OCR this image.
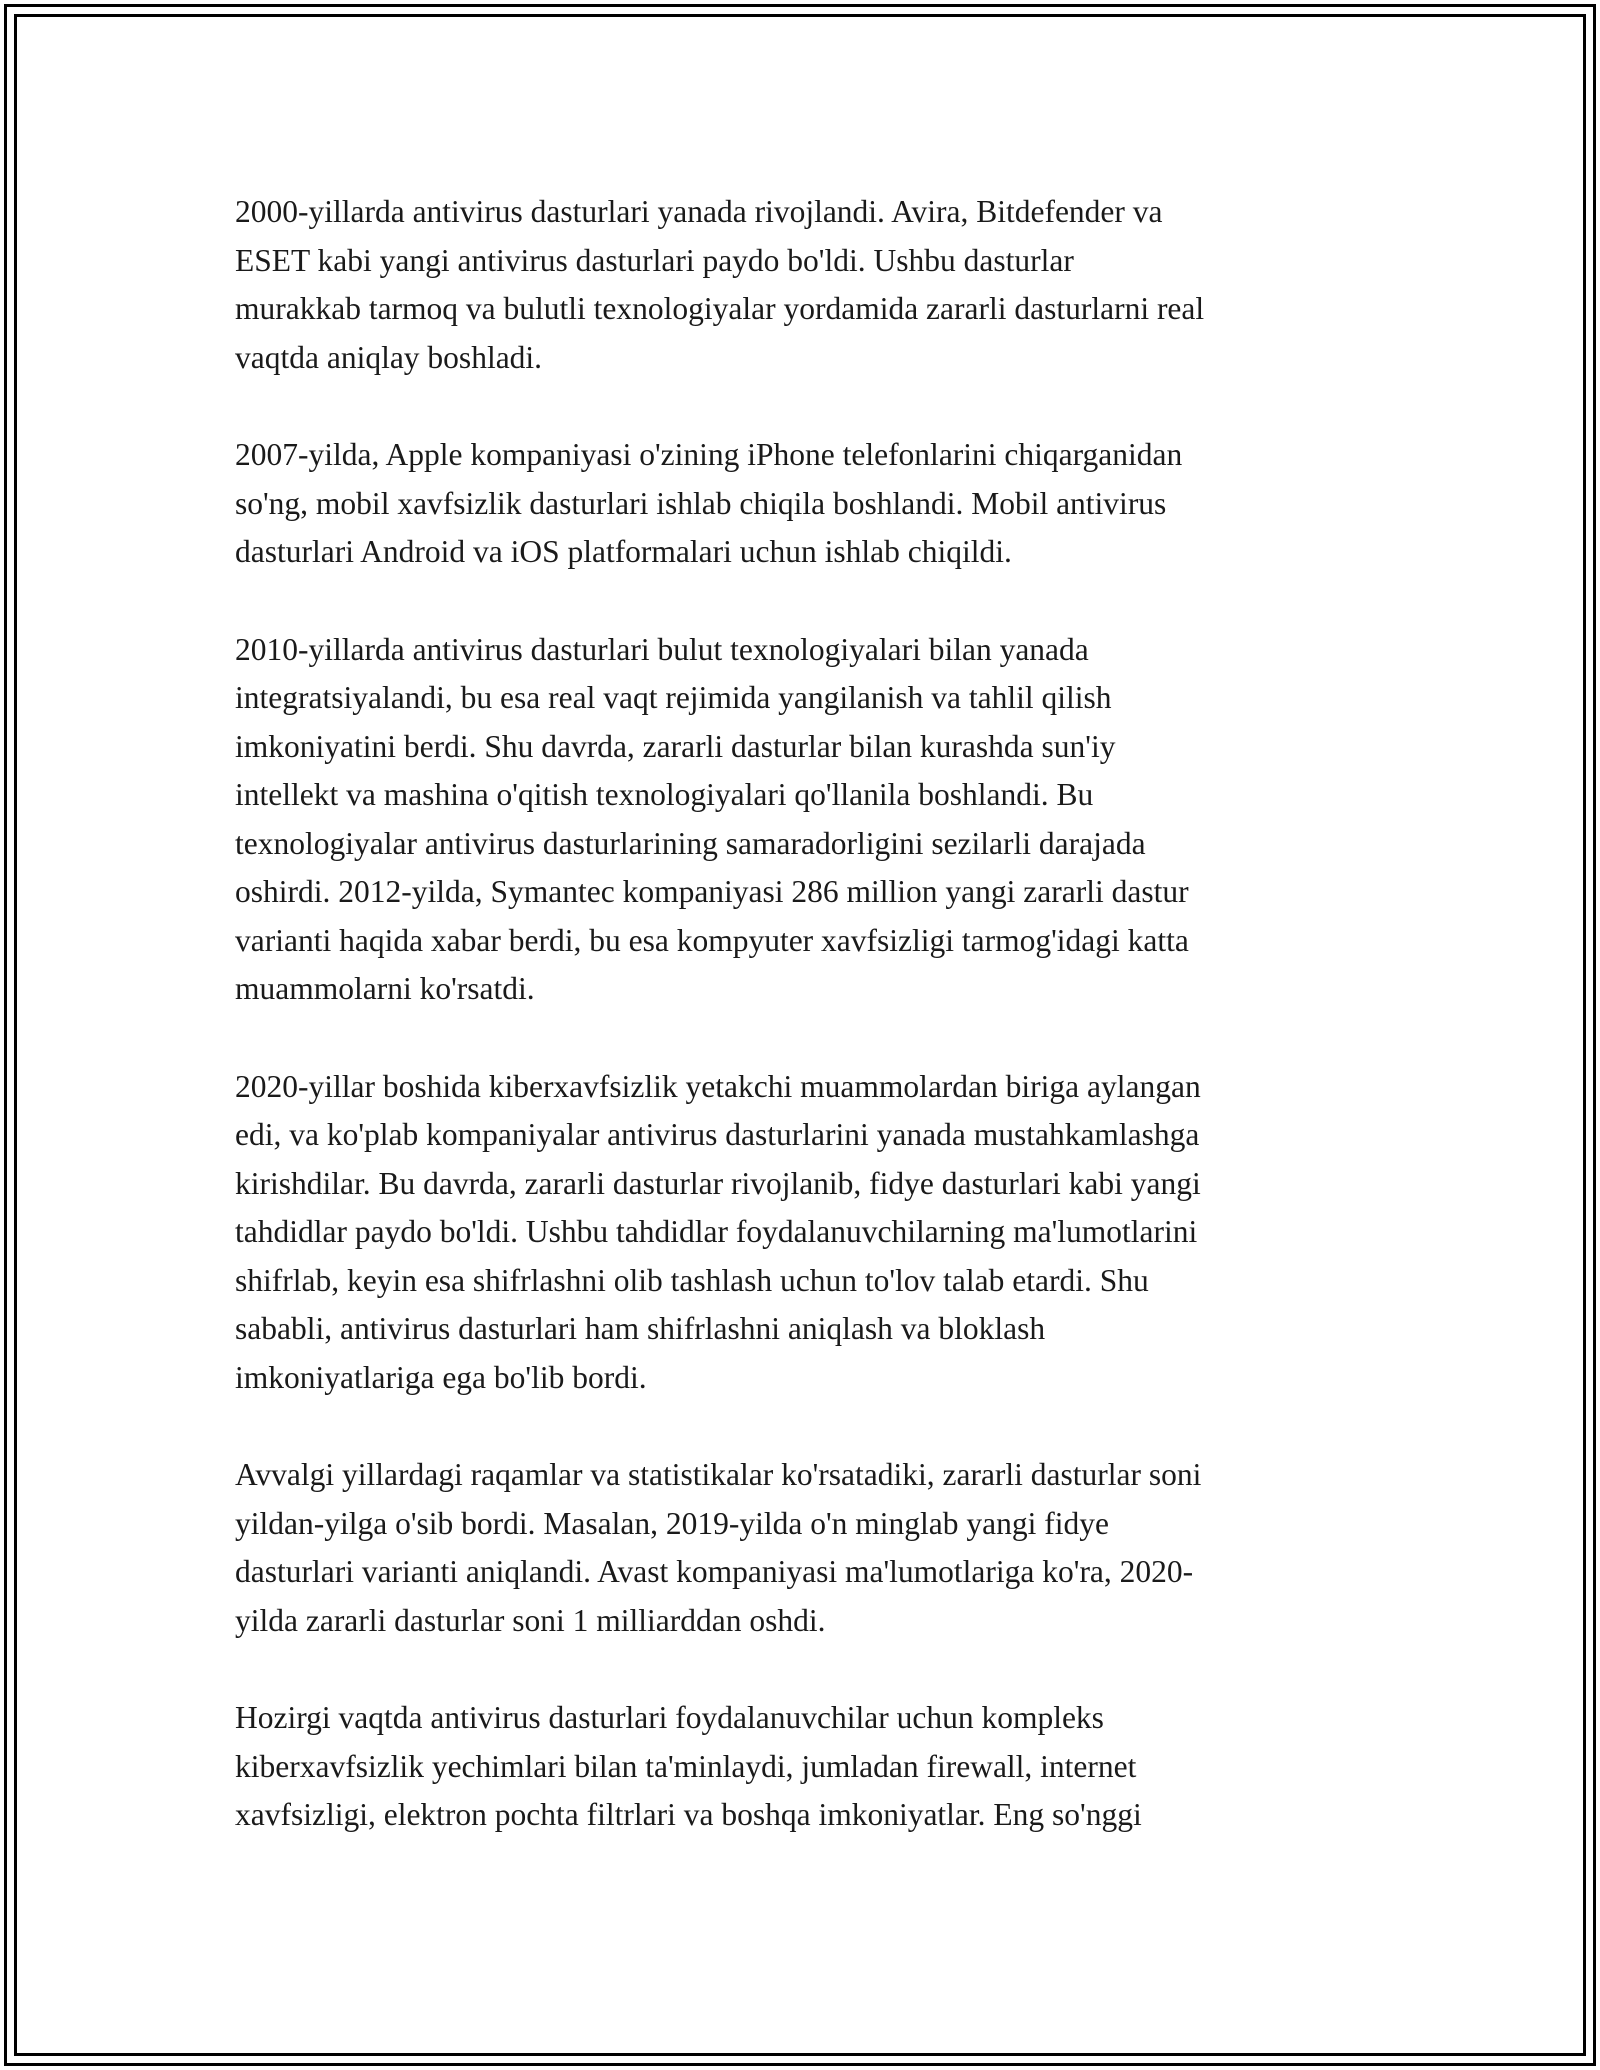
2000-yillarda antivirus dasturlari yanada rivojlandi. Avira, Bitdefender va
ESET kabi yangi antivirus dasturlari paydo bo'ldi. Ushbu dasturlar
murakkab tarmoq va bulutli texnologiyalar yordamida zararli dasturlarni real
vaqtda aniqlay boshladi.

2007-yilda, Apple kompaniyasi o'zining iPhone telefonlarini chiqarganidan
so'ng, mobil xavfsizlik dasturlari ishlab chiqila boshlandi. Mobil antivirus
dasturlari Android va iOS platformalari uchun ishlab chiqildi.

2010-yillarda antivirus dasturlari bulut texnologiyalari bilan yanada
integratsiyalandi, bu esa real vaqt rejimida yangilanish va tahlil qilish
imkoniyatini berdi. Shu davrda, zararli dasturlar bilan kurashda sun'iy
intellekt va mashina o'qitish texnologiyalari qo'llanila boshlandi. Bu
texnologiyalar antivirus dasturlarining samaradorligini sezilarli darajada
oshirdi. 2012-yilda, Symantec kompaniyasi 286 million yangi zararli dastur
varianti haqida xabar berdi, bu esa kompyuter xavfsizligi tarmog'idagi katta
muammolarni ko'rsatdi.

2020-yillar boshida kiberxavfsizlik yetakchi muammolardan biriga aylangan
edi, va ko'plab kompaniyalar antivirus dasturlarini yanada mustahkamlashga
kirishdilar. Bu davrda, zararli dasturlar rivojlanib, fidye dasturlari kabi yangi
tahdidlar paydo bo'ldi. Ushbu tahdidlar foydalanuvchilarning ma'lumotlarini
shifrlab, keyin esa shifrlashni olib tashlash uchun to'lov talab etardi. Shu
sababli, antivirus dasturlari ham shifrlashni aniqlash va bloklash
imkoniyatlariga ega bo'lib bordi.

Avvalgi yillardagi raqamlar va statistikalar ko'rsatadiki, zararli dasturlar soni
yildan-yilga o'sib bordi. Masalan, 2019-yilda o'n minglab yangi fidye
dasturlari varianti aniqlandi. Avast kompaniyasi ma'lumotlariga ko'ra, 2020-
yilda zararli dasturlar soni 1 milliarddan oshdi.

Hozirgi vaqtda antivirus dasturlari foydalanuvchilar uchun kompleks
kiberxavfsizlik yechimlari bilan ta'minlaydi, jumladan firewall, internet
xavfsizligi, elektron pochta filtrlari va boshqa imkoniyatlar. Eng so'nggi
